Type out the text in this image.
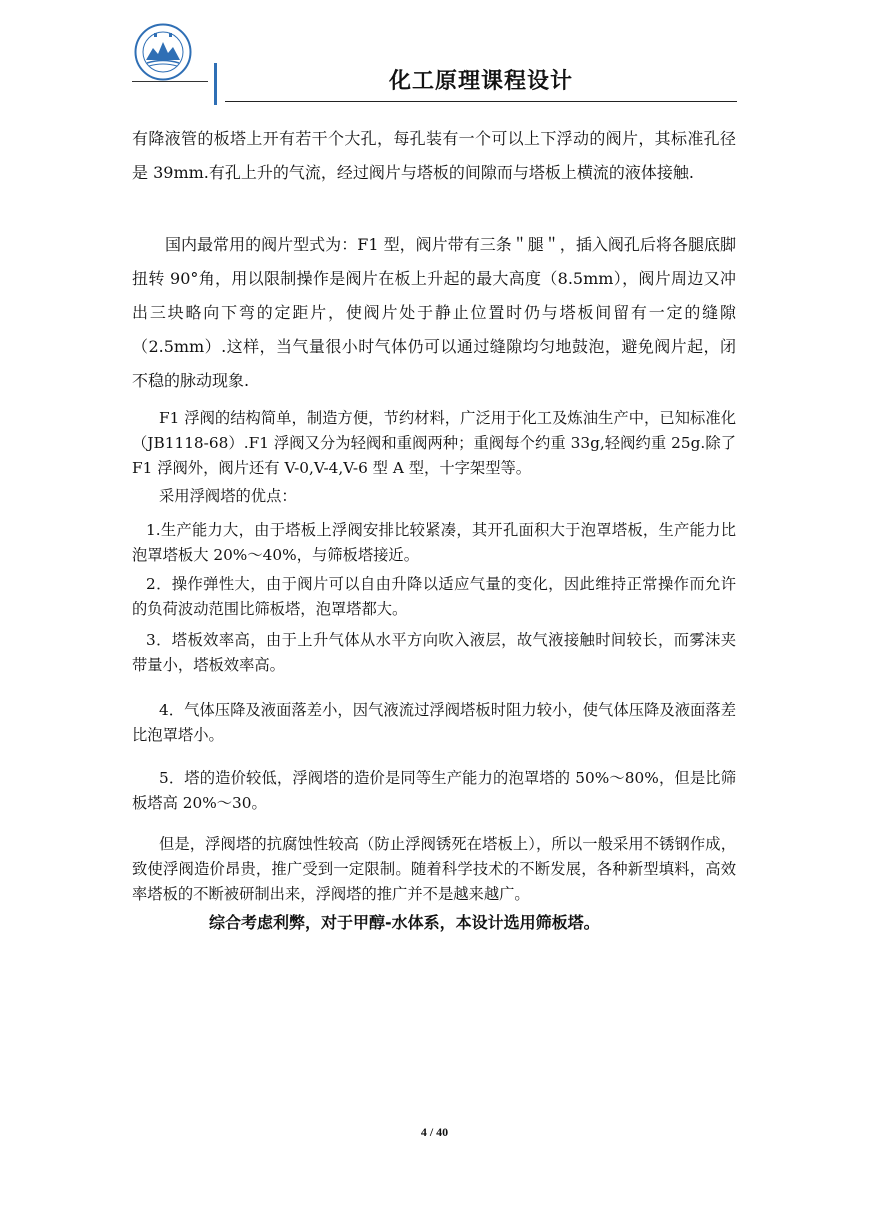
化工原理课程设计

有降液管的板塔上开有若干个大孔，每孔装有一个可以上下浮动的阀片，其标准孔径是 39mm.有孔上升的气流，经过阀片与塔板的间隙而与塔板上横流的液体接触.

国内最常用的阀片型式为：F1 型，阀片带有三条＂腿＂，插入阀孔后将各腿底脚扭转 90°角，用以限制操作是阀片在板上升起的最大高度（8.5mm），阀片周边又冲出三块略向下弯的定距片，使阀片处于静止位置时仍与塔板间留有一定的缝隙（2.5mm）.这样，当气量很小时气体仍可以通过缝隙均匀地鼓泡，避免阀片起，闭不稳的脉动现象.

F1 浮阀的结构简单，制造方便，节约材料，广泛用于化工及炼油生产中，已知标准化（JB1118-68）.F1 浮阀又分为轻阀和重阀两种；重阀每个约重 33g,轻阀约重 25g.除了 F1 浮阀外，阀片还有 V-0,V-4,V-6 型 A 型，十字架型等。

采用浮阀塔的优点：

1.生产能力大，由于塔板上浮阀安排比较紧凑，其开孔面积大于泡罩塔板，生产能力比泡罩塔板大 20%～40%，与筛板塔接近。

2．操作弹性大，由于阀片可以自由升降以适应气量的变化，因此维持正常操作而允许的负荷波动范围比筛板塔，泡罩塔都大。

3．塔板效率高，由于上升气体从水平方向吹入液层，故气液接触时间较长，而雾沫夹带量小，塔板效率高。

4．气体压降及液面落差小，因气液流过浮阀塔板时阻力较小，使气体压降及液面落差比泡罩塔小。

5．塔的造价较低，浮阀塔的造价是同等生产能力的泡罩塔的 50%～80%，但是比筛板塔高 20%～30。

但是，浮阀塔的抗腐蚀性较高（防止浮阀锈死在塔板上），所以一般采用不锈钢作成，致使浮阀造价昂贵，推广受到一定限制。随着科学技术的不断发展，各种新型填料，高效率塔板的不断被研制出来，浮阀塔的推广并不是越来越广。

综合考虑利弊，对于甲醇-水体系，本设计选用筛板塔。

4 / 40
